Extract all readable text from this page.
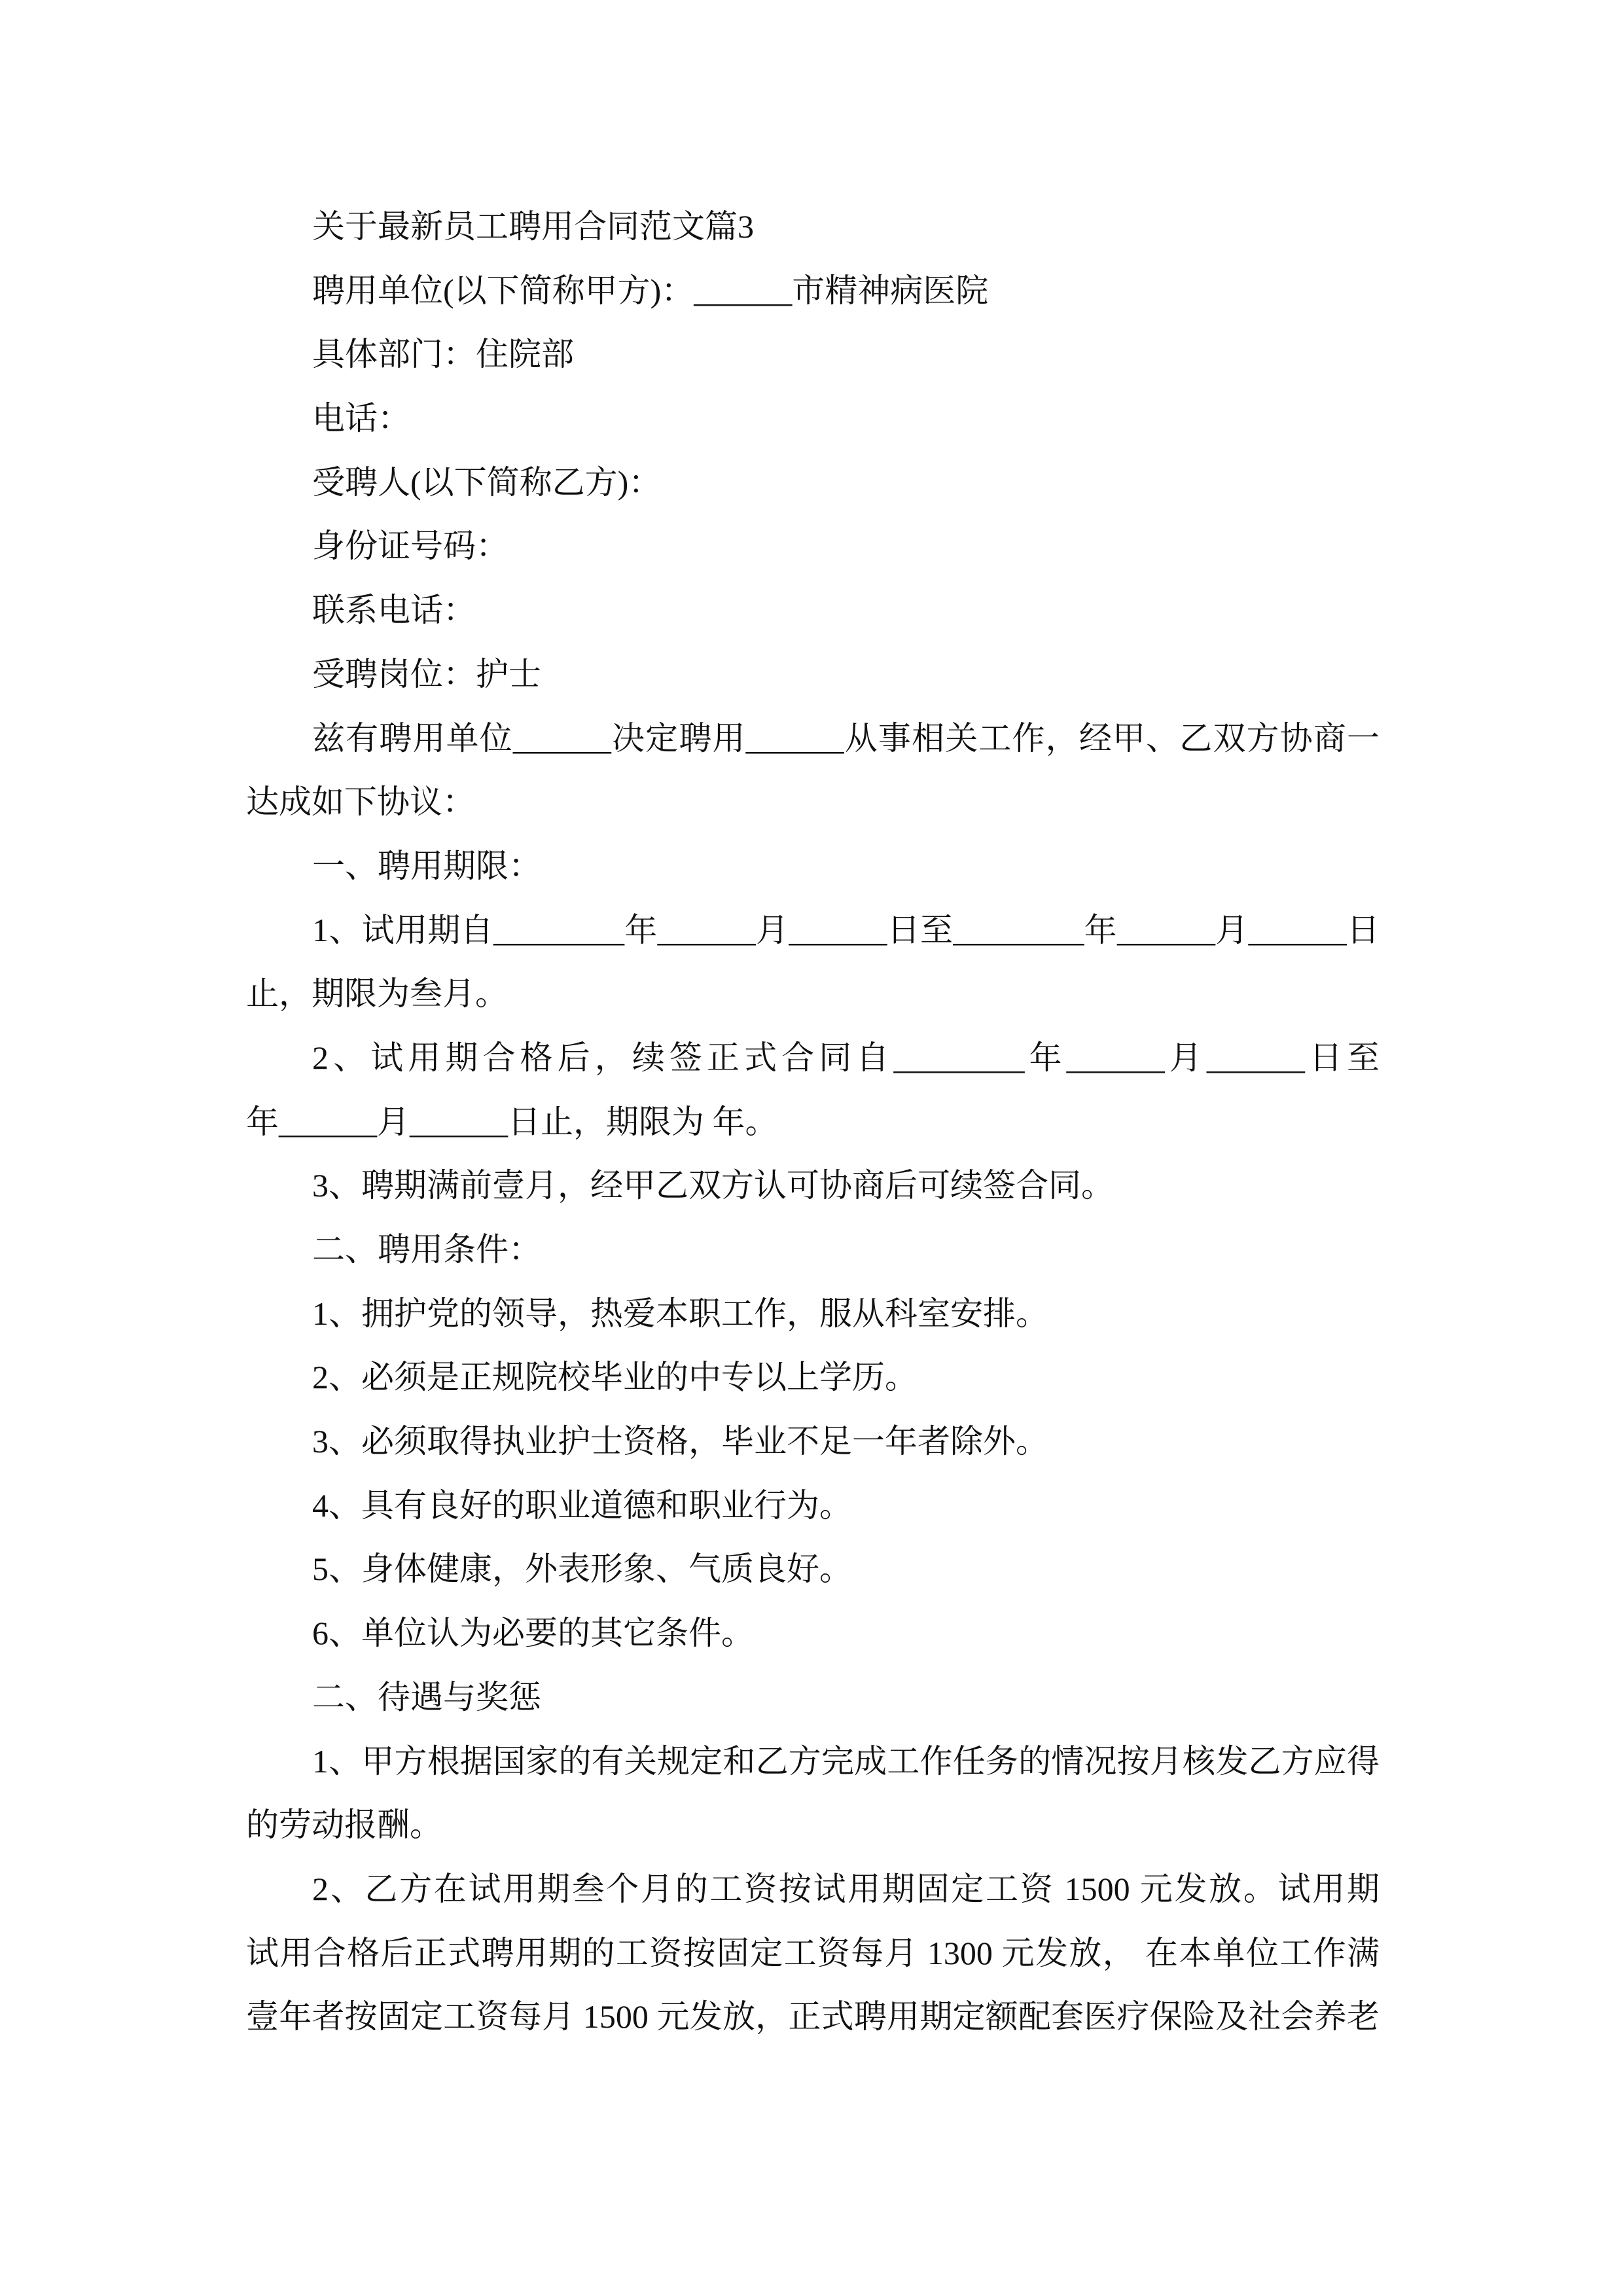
关于最新员工聘用合同范文篇3
聘用单位(以下简称甲方)：______市精神病医院
具体部门：住院部
电话：
受聘人(以下简称乙方)：
身份证号码：
联系电话：
受聘岗位：护士
兹有聘用单位______决定聘用______从事相关工作，经甲、乙双方协商一
达成如下协议：
一、聘用期限：
1、试用期自________年______月______日至________年______月______日
止，期限为叁月。
2、试用期合格后，续签正式合同自________年______月______日至
年______月______日止，期限为 年。
3、聘期满前壹月，经甲乙双方认可协商后可续签合同。
二、聘用条件：
1、拥护党的领导，热爱本职工作，服从科室安排。
2、必须是正规院校毕业的中专以上学历。
3、必须取得执业护士资格，毕业不足一年者除外。
4、具有良好的职业道德和职业行为。
5、身体健康，外表形象、气质良好。
6、单位认为必要的其它条件。
二、待遇与奖惩
1、甲方根据国家的有关规定和乙方完成工作任务的情况按月核发乙方应得
的劳动报酬。
2、乙方在试用期叁个月的工资按试用期固定工资 1500 元发放。试用期
试用合格后正式聘用期的工资按固定工资每月 1300 元发放， 在本单位工作满
壹年者按固定工资每月 1500 元发放，正式聘用期定额配套医疗保险及社会养老
